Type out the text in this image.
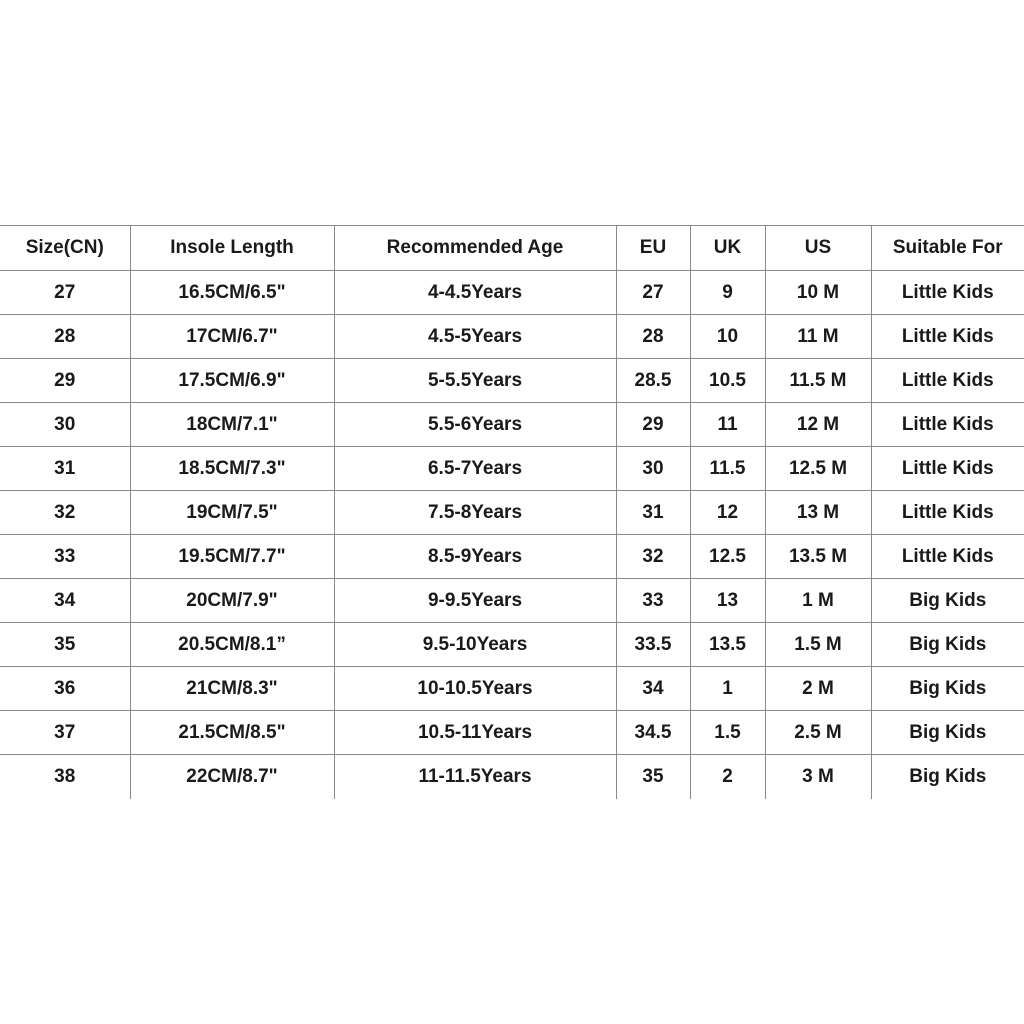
Size(CN)	Insole Length	Recommended Age	EU	UK	US	Suitable For
27	16.5CM/6.5"	4-4.5Years	27	9	10 M	Little Kids
28	17CM/6.7"	4.5-5Years	28	10	11 M	Little Kids
29	17.5CM/6.9"	5-5.5Years	28.5	10.5	11.5 M	Little Kids
30	18CM/7.1"	5.5-6Years	29	11	12 M	Little Kids
31	18.5CM/7.3"	6.5-7Years	30	11.5	12.5 M	Little Kids
32	19CM/7.5"	7.5-8Years	31	12	13 M	Little Kids
33	19.5CM/7.7"	8.5-9Years	32	12.5	13.5 M	Little Kids
34	20CM/7.9"	9-9.5Years	33	13	1 M	Big Kids
35	20.5CM/8.1”	9.5-10Years	33.5	13.5	1.5 M	Big Kids
36	21CM/8.3"	10-10.5Years	34	1	2 M	Big Kids
37	21.5CM/8.5"	10.5-11Years	34.5	1.5	2.5 M	Big Kids
38	22CM/8.7"	11-11.5Years	35	2	3 M	Big Kids
